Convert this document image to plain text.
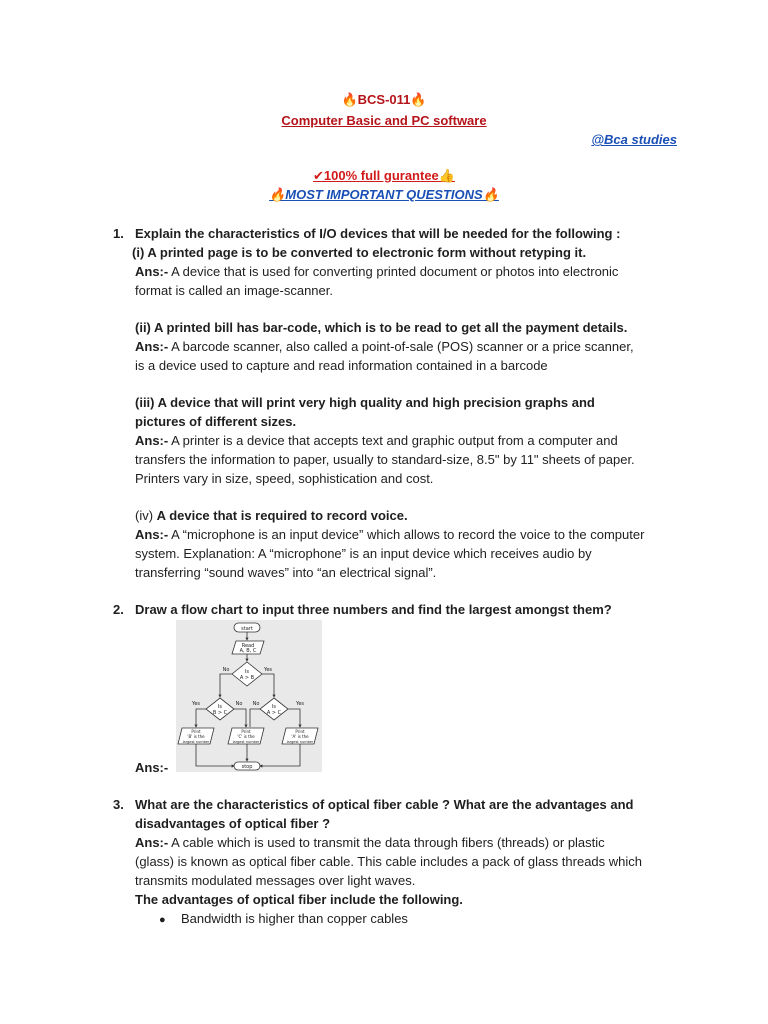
🔥BCS-011🔥
Computer Basic and PC software
@Bca studies
✔100% full gurantee👍
🔥MOST IMPORTANT QUESTIONS🔥
1. Explain the characteristics of I/O devices that will be needed for the following :
(i) A printed page is to be converted to electronic form without retyping it.
Ans:- A device that is used for converting printed document or photos into electronic
format is called an image-scanner.
(ii) A printed bill has bar-code, which is to be read to get all the payment details.
Ans:- A barcode scanner, also called a point-of-sale (POS) scanner or a price scanner,
is a device used to capture and read information contained in a barcode
(iii) A device that will print very high quality and high precision graphs and
pictures of different sizes.
Ans:- A printer is a device that accepts text and graphic output from a computer and
transfers the information to paper, usually to standard-size, 8.5" by 11" sheets of paper.
Printers vary in size, speed, sophistication and cost.
(iv) A device that is required to record voice.
Ans:- A “microphone is an input device” which allows to record the voice to the computer
system. Explanation: A “microphone” is an input device which receives audio by
transferring “sound waves” into “an electrical signal”.
2. Draw a flow chart to input three numbers and find the largest amongst them?
start
Read
A, B, C
Is
A > B
No	Yes
Is
B > C
Is
A > C
Yes	No No	Yes
Print
'B' is the
largest number
Print
'C' is the
largest number
Print
'A' is the
largest number
stop
Ans:-
3. What are the characteristics of optical fiber cable ? What are the advantages and
disadvantages of optical fiber ?
Ans:- A cable which is used to transmit the data through fibers (threads) or plastic
(glass) is known as optical fiber cable. This cable includes a pack of glass threads which
transmits modulated messages over light waves.
The advantages of optical fiber include the following.
● Bandwidth is higher than copper cables
